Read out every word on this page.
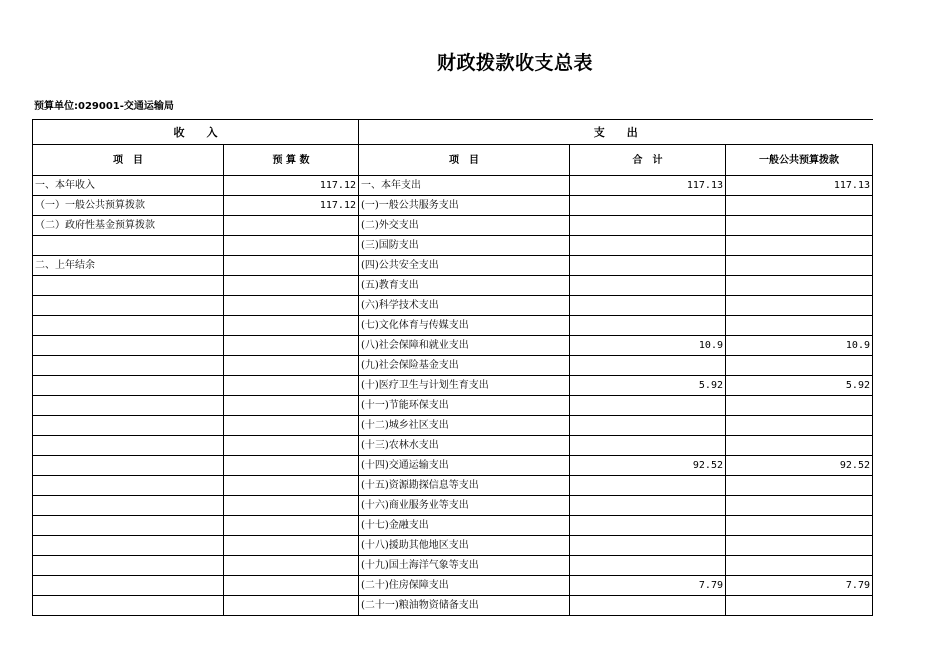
财政拨款收支总表
预算单位:029001-交通运输局
收　　入		支　　出		
项　目	预 算 数	项　目	合　计	一般公共预算拨款
一、本年收入	117.12	一、本年支出	117.13	117.13
（一）一般公共预算拨款	117.12	(一)一般公共服务支出		
（二）政府性基金预算拨款		(二)外交支出		
		(三)国防支出		
二、上年结余		(四)公共安全支出		
		(五)教育支出		
		(六)科学技术支出		
		(七)文化体育与传媒支出		
		(八)社会保障和就业支出	10.9	10.9
		(九)社会保险基金支出		
		(十)医疗卫生与计划生育支出	5.92	5.92
		(十一)节能环保支出		
		(十二)城乡社区支出		
		(十三)农林水支出		
		(十四)交通运输支出	92.52	92.52
		(十五)资源勘探信息等支出		
		(十六)商业服务业等支出		
		(十七)金融支出		
		(十八)援助其他地区支出		
		(十九)国土海洋气象等支出		
		(二十)住房保障支出	7.79	7.79
		(二十一)粮油物资储备支出		
